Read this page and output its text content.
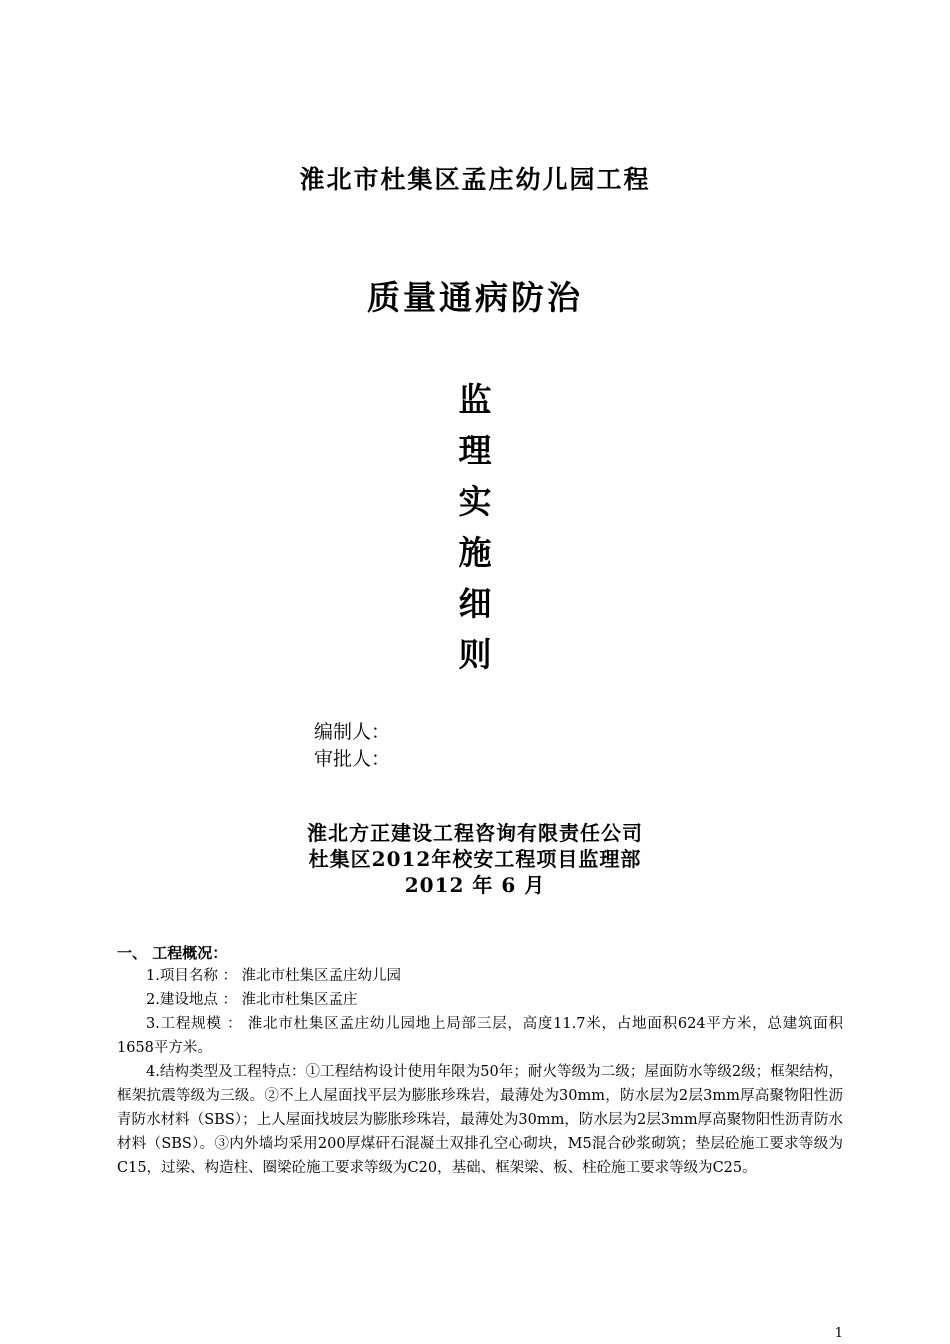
淮北市杜集区孟庄幼儿园工程
质量通病防治
监
理
实
施
细
则
编制人：
审批人：
淮北方正建设工程咨询有限责任公司
杜集区2012年校安工程项目监理部
2012 年 6 月
一、 工程概况：

1.项目名称 ： 淮北市杜集区孟庄幼儿园

2.建设地点 ： 淮北市杜集区孟庄

3.工程规模 ： 淮北市杜集区孟庄幼儿园地上局部三层，高度11.7米，占地面积624平方米，总建筑面积1658平方米。

4.结构类型及工程特点：①工程结构设计使用年限为50年；耐火等级为二级；屋面防水等级2级；框架结构，框架抗震等级为三级。②不上人屋面找平层为膨胀珍珠岩，最薄处为30mm，防水层为2层3mm厚高聚物阳性沥青防水材料（SBS）；上人屋面找坡层为膨胀珍珠岩，最薄处为30mm，防水层为2层3mm厚高聚物阳性沥青防水材料（SBS）。③内外墙均采用200厚煤矸石混凝土双排孔空心砌块，M5混合砂浆砌筑；垫层砼施工要求等级为C15，过梁、构造柱、圈梁砼施工要求等级为C20，基础、框架梁、板、柱砼施工要求等级为C25。

1
